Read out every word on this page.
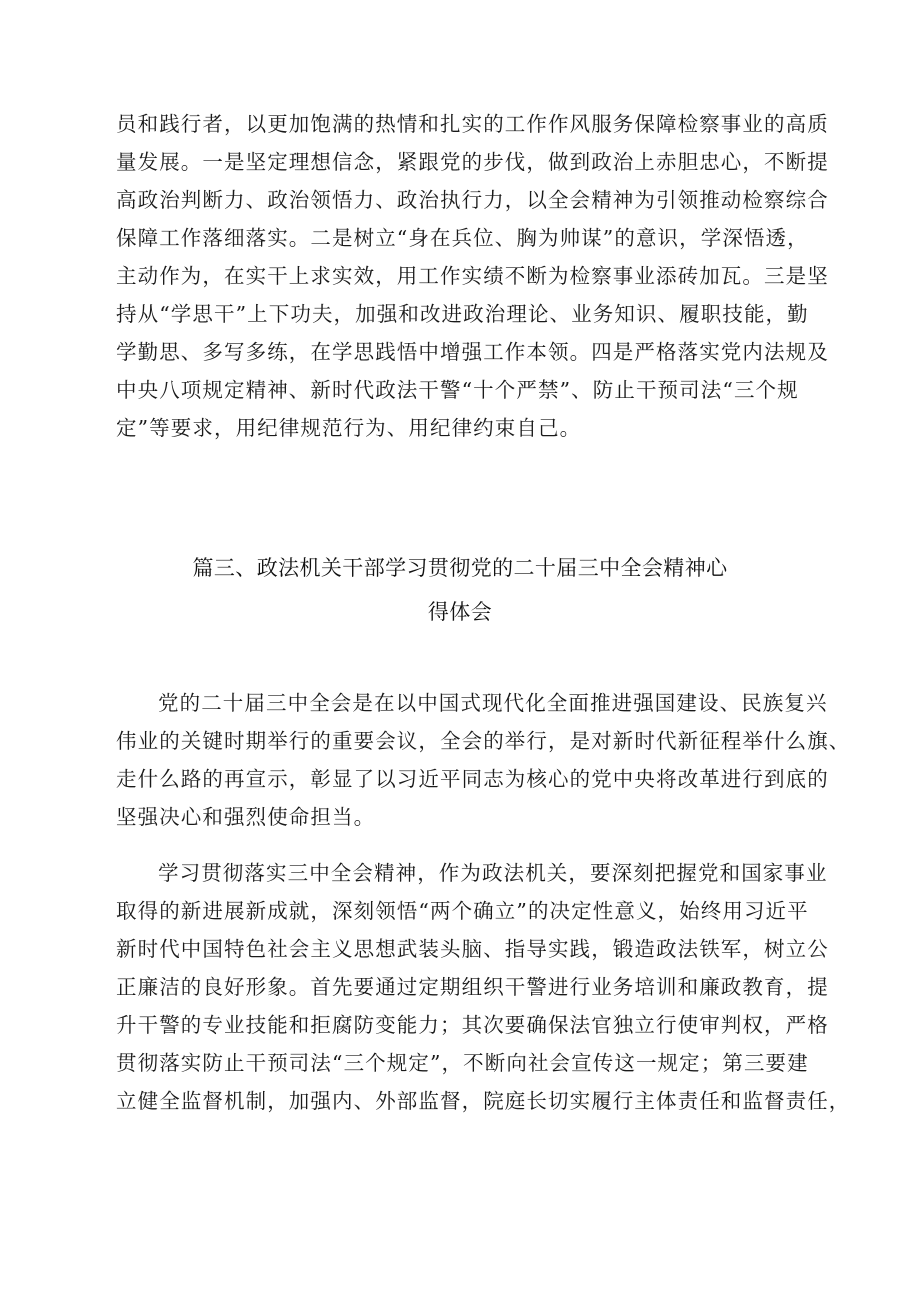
员和践行者，以更加饱满的热情和扎实的工作作风服务保障检察事业的高质
量发展。一是坚定理想信念，紧跟党的步伐，做到政治上赤胆忠心，不断提
高政治判断力、政治领悟力、政治执行力，以全会精神为引领推动检察综合
保障工作落细落实。二是树立“身在兵位、胸为帅谋”的意识，学深悟透，
主动作为，在实干上求实效，用工作实绩不断为检察事业添砖加瓦。三是坚
持从“学思干”上下功夫，加强和改进政治理论、业务知识、履职技能，勤
学勤思、多写多练，在学思践悟中增强工作本领。四是严格落实党内法规及
中央八项规定精神、新时代政法干警“十个严禁”、防止干预司法“三个规
定”等要求，用纪律规范行为、用纪律约束自己。
篇三、政法机关干部学习贯彻党的二十届三中全会精神心
得体会
党的二十届三中全会是在以中国式现代化全面推进强国建设、民族复兴
伟业的关键时期举行的重要会议，全会的举行，是对新时代新征程举什么旗、
走什么路的再宣示，彰显了以习近平同志为核心的党中央将改革进行到底的
坚强决心和强烈使命担当。
学习贯彻落实三中全会精神，作为政法机关，要深刻把握党和国家事业
取得的新进展新成就，深刻领悟“两个确立”的决定性意义，始终用习近平
新时代中国特色社会主义思想武装头脑、指导实践，锻造政法铁军，树立公
正廉洁的良好形象。首先要通过定期组织干警进行业务培训和廉政教育，提
升干警的专业技能和拒腐防变能力；其次要确保法官独立行使审判权，严格
贯彻落实防止干预司法“三个规定”，不断向社会宣传这一规定；第三要建
立健全监督机制，加强内、外部监督，院庭长切实履行主体责任和监督责任，
